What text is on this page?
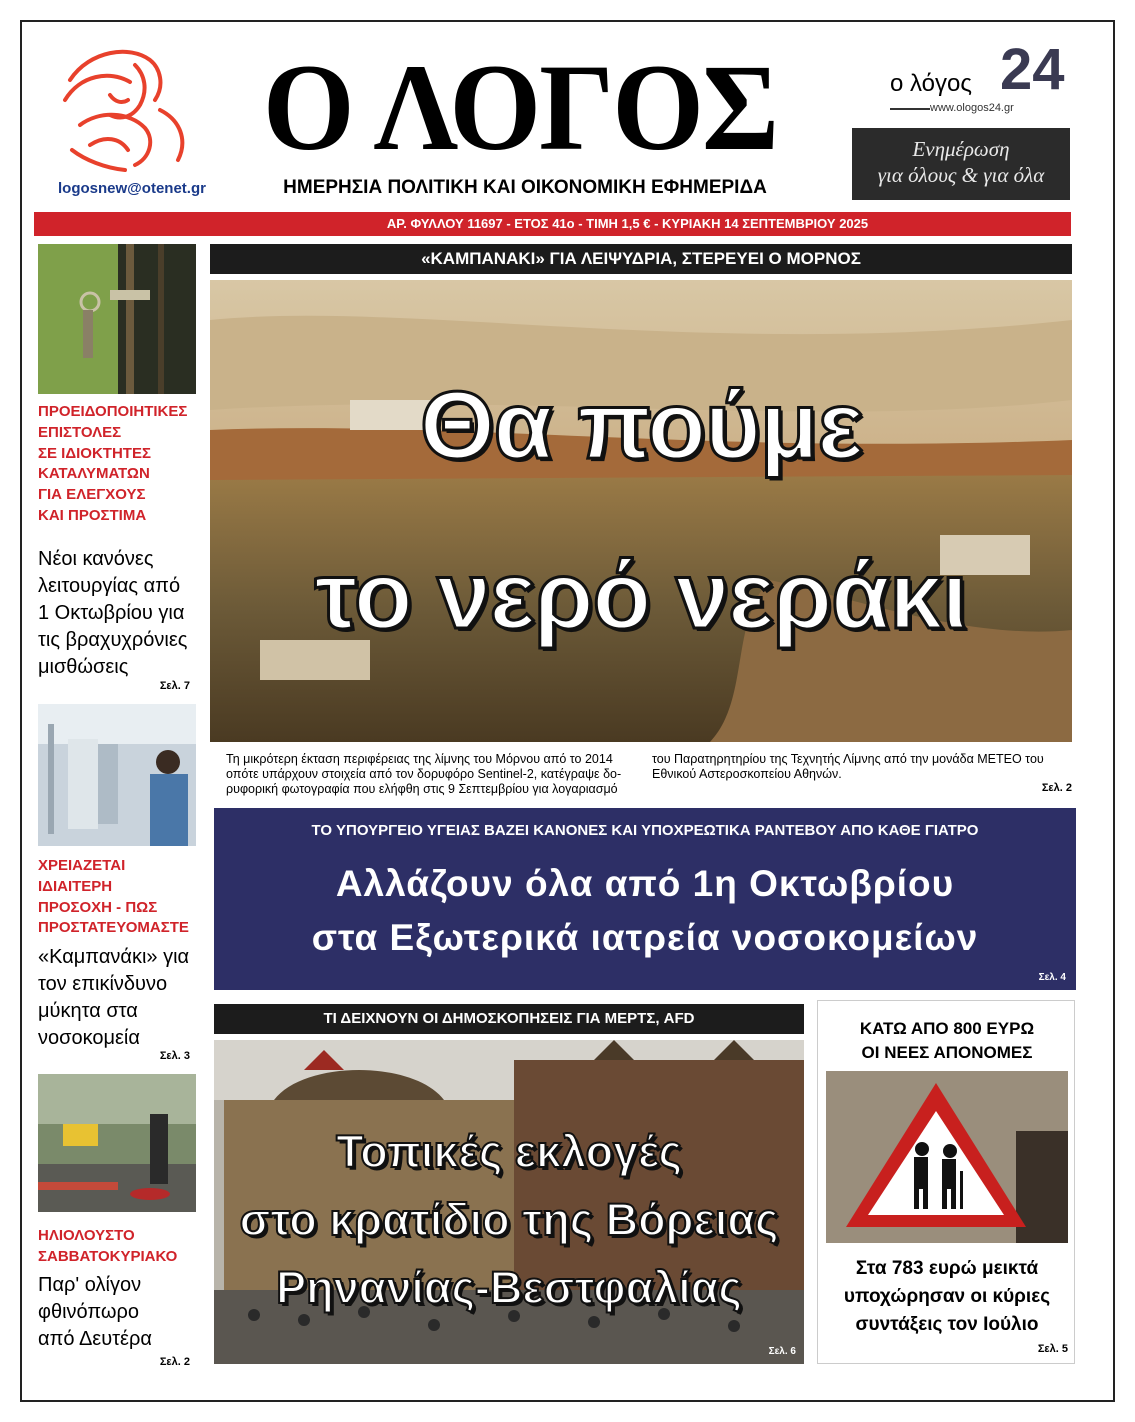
logosnew@otenet.gr
Ο ΛΟΓΟΣ
ΗΜΕΡΗΣΙΑ ΠΟΛΙΤΙΚΗ ΚΑΙ ΟΙΚΟΝΟΜΙΚΗ ΕΦΗΜΕΡΙΔΑ
ο λόγος 24
www.ologos24.gr
Ενημέρωση
για όλους & για όλα
ΑΡ. ΦΥΛΛΟΥ 11697 - ΕΤΟΣ 41ο - ΤΙΜΗ 1,5 € - ΚΥΡΙΑΚΗ 14 ΣΕΠΤΕΜΒΡΙΟΥ 2025
ΠΡΟΕΙΔΟΠΟΙΗΤΙΚΕΣ
ΕΠΙΣΤΟΛΕΣ
ΣΕ ΙΔΙΟΚΤΗΤΕΣ
ΚΑΤΑΛΥΜΑΤΩΝ
ΓΙΑ ΕΛΕΓΧΟΥΣ
ΚΑΙ ΠΡΟΣΤΙΜΑ
Νέοι κανόνες
λειτουργίας από
1 Οκτωβρίου για
τις βραχυχρόνιες
μισθώσεις
Σελ. 7
ΧΡΕΙΑΖΕΤΑΙ
ΙΔΙΑΙΤΕΡΗ
ΠΡΟΣΟΧΗ - ΠΩΣ
ΠΡΟΣΤΑΤΕΥΟΜΑΣΤΕ
«Καμπανάκι» για
τον επικίνδυνο
μύκητα στα
νοσοκομεία
Σελ. 3
ΗΛΙΟΛΟΥΣΤΟ
ΣΑΒΒΑΤΟΚΥΡΙΑΚΟ
Παρ' ολίγον
φθινόπωρο
από Δευτέρα
Σελ. 2
«ΚΑΜΠΑΝΑΚΙ» ΓΙΑ ΛΕΙΨΥΔΡΙΑ, ΣΤΕΡΕΥΕΙ Ο ΜΟΡΝΟΣ
Θα πούμε
το νερό νεράκι
Τη μικρότερη έκταση περιφέρειας της λίμνης του Μόρνου από το 2014 οπότε υπάρχουν στοιχεία από τον δορυφόρο Sentinel-2, κατέγραψε δο-ρυφορική φωτογραφία που ελήφθη στις 9 Σεπτεμβρίου για λογαριασμό
του Παρατηρητηρίου της Τεχνητής Λίμνης από την μονάδα ΜΕΤΕΟ του Εθνικού Αστεροσκοπείου Αθηνών.
Σελ. 2
ΤΟ ΥΠΟΥΡΓΕΙΟ ΥΓΕΙΑΣ ΒΑΖΕΙ ΚΑΝΟΝΕΣ ΚΑΙ ΥΠΟΧΡΕΩΤΙΚΑ ΡΑΝΤΕΒΟΥ ΑΠΟ ΚΑΘΕ ΓΙΑΤΡΟ
Αλλάζουν όλα από 1η Οκτωβρίου
στα Εξωτερικά ιατρεία νοσοκομείων
Σελ. 4
ΤΙ ΔΕΙΧΝΟΥΝ ΟΙ ΔΗΜΟΣΚΟΠΗΣΕΙΣ ΓΙΑ ΜΕΡΤΣ, AFD
Τοπικές εκλογές
στο κρατίδιο της Βόρειας
Ρηνανίας-Βεστφαλίας
Σελ. 6
ΚΑΤΩ ΑΠΟ 800 ΕΥΡΩ
ΟΙ ΝΕΕΣ ΑΠΟΝΟΜΕΣ
Στα 783 ευρώ μεικτά
υποχώρησαν οι κύριες
συντάξεις τον Ιούλιο
Σελ. 5
